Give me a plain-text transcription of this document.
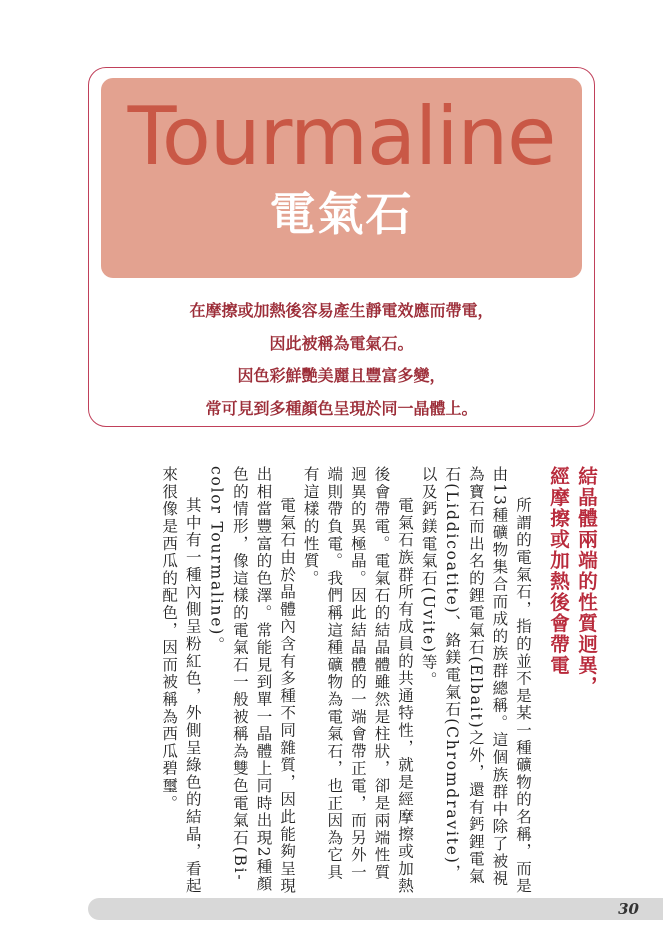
Tourmaline
電氣石
在摩擦或加熱後容易產生靜電效應而帶電，
因此被稱為電氣石。
因色彩鮮艷美麗且豐富多變，
常可見到多種顏色呈現於同一晶體上。
結晶體兩端的性質迥異，
經摩擦或加熱後會帶電

所謂的電氣石，指的並不是某一種礦物的名稱，而是由13種礦物集合而成的族群總稱。這個族群中除了被視為寶石而出名的鋰電氣石(Elbait)之外，還有鈣鋰電氣石(Liddicoatite)、鉻鎂電氣石(Chromdravite)，以及鈣鎂電氣石(Uvite)等。

電氣石族群所有成員的共通特性，就是經摩擦或加熱後會帶電。電氣石的結晶體雖然是柱狀，卻是兩端性質迥異的異極晶。因此結晶體的一端會帶正電，而另外一端則帶負電。我們稱這種礦物為電氣石，也正因為它具有這樣的性質。

電氣石由於晶體內含有多種不同雜質，因此能夠呈現出相當豐富的色澤。常能見到單一晶體上同時出現2種顏色的情形，像這樣的電氣石一般被稱為雙色電氣石(Bi-color Tourmaline)。

其中有一種內側呈粉紅色，外側呈綠色的結晶，看起來很像是西瓜的配色，因而被稱為西瓜碧璽。

30
